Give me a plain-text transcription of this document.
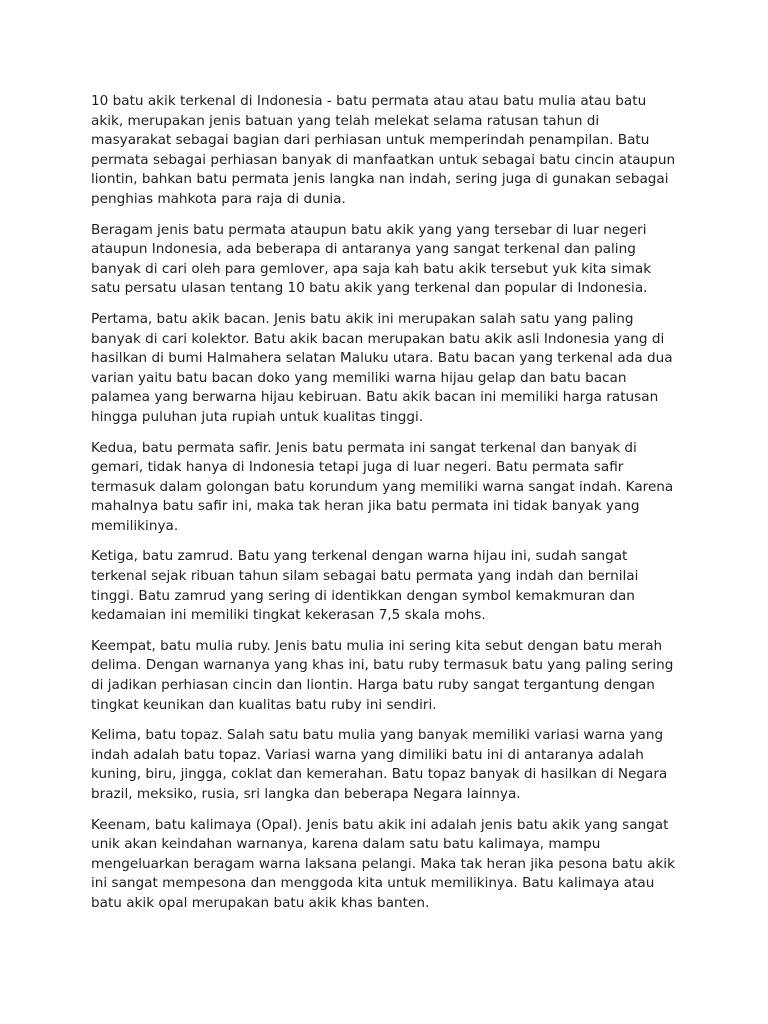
10 batu akik terkenal di Indonesia - batu permata atau atau batu mulia atau batu akik, merupakan jenis batuan yang telah melekat selama ratusan tahun di masyarakat sebagai bagian dari perhiasan untuk memperindah penampilan. Batu permata sebagai perhiasan banyak di manfaatkan untuk sebagai batu cincin ataupun liontin, bahkan batu permata jenis langka nan indah, sering juga di gunakan sebagai penghias mahkota para raja di dunia.

Beragam jenis batu permata ataupun batu akik yang yang tersebar di luar negeri ataupun Indonesia, ada beberapa di antaranya yang sangat terkenal dan paling banyak di cari oleh para gemlover, apa saja kah batu akik tersebut yuk kita simak satu persatu ulasan tentang 10 batu akik yang terkenal dan popular di Indonesia.

Pertama, batu akik bacan. Jenis batu akik ini merupakan salah satu yang paling banyak di cari kolektor. Batu akik bacan merupakan batu akik asli Indonesia yang di hasilkan di bumi Halmahera selatan Maluku utara. Batu bacan yang terkenal ada dua varian yaitu batu bacan doko yang memiliki warna hijau gelap dan batu bacan palamea yang berwarna hijau kebiruan. Batu akik bacan ini memiliki harga ratusan hingga puluhan juta rupiah untuk kualitas tinggi.

Kedua, batu permata safir. Jenis batu permata ini sangat terkenal dan banyak di gemari, tidak hanya di Indonesia tetapi juga di luar negeri. Batu permata safir termasuk dalam golongan batu korundum yang memiliki warna sangat indah. Karena mahalnya batu safir ini, maka tak heran jika batu permata ini tidak banyak yang memilikinya.

Ketiga, batu zamrud. Batu yang terkenal dengan warna hijau ini, sudah sangat terkenal sejak ribuan tahun silam sebagai batu permata yang indah dan bernilai tinggi. Batu zamrud yang sering di identikkan dengan symbol kemakmuran dan kedamaian ini memiliki tingkat kekerasan 7,5 skala mohs.

Keempat, batu mulia ruby. Jenis batu mulia ini sering kita sebut dengan batu merah delima. Dengan warnanya yang khas ini, batu ruby termasuk batu yang paling sering di jadikan perhiasan cincin dan liontin. Harga batu ruby sangat tergantung dengan tingkat keunikan dan kualitas batu ruby ini sendiri.

Kelima, batu topaz. Salah satu batu mulia yang banyak memiliki variasi warna yang indah adalah batu topaz. Variasi warna yang dimiliki batu ini di antaranya adalah kuning, biru, jingga, coklat dan kemerahan. Batu topaz banyak di hasilkan di Negara brazil, meksiko, rusia, sri langka dan beberapa Negara lainnya.

Keenam, batu kalimaya (Opal). Jenis batu akik ini adalah jenis batu akik yang sangat unik akan keindahan warnanya, karena dalam satu batu kalimaya, mampu mengeluarkan beragam warna laksana pelangi. Maka tak heran jika pesona batu akik ini sangat mempesona dan menggoda kita untuk memilikinya. Batu kalimaya atau batu akik opal merupakan batu akik khas banten.
